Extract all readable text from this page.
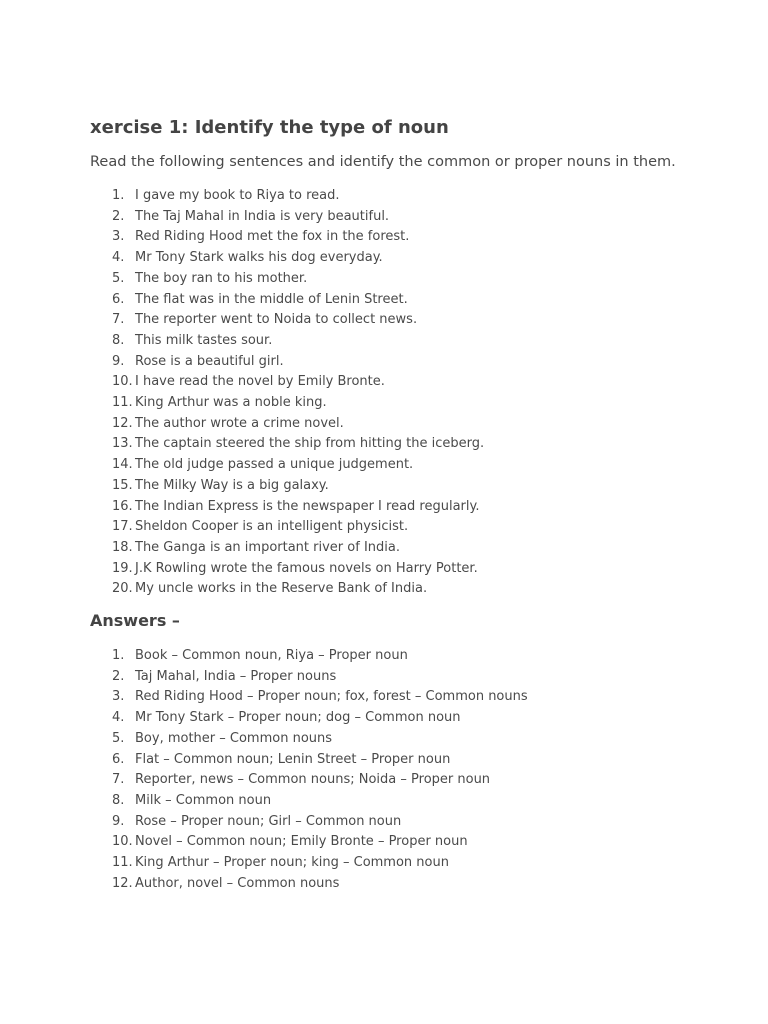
xercise 1: Identify the type of noun

Read the following sentences and identify the common or proper nouns in them.

1. I gave my book to Riya to read.
2. The Taj Mahal in India is very beautiful.
3. Red Riding Hood met the fox in the forest.
4. Mr Tony Stark walks his dog everyday.
5. The boy ran to his mother.
6. The flat was in the middle of Lenin Street.
7. The reporter went to Noida to collect news.
8. This milk tastes sour.
9. Rose is a beautiful girl.
10. I have read the novel by Emily Bronte.
11. King Arthur was a noble king.
12. The author wrote a crime novel.
13. The captain steered the ship from hitting the iceberg.
14. The old judge passed a unique judgement.
15. The Milky Way is a big galaxy.
16. The Indian Express is the newspaper I read regularly.
17. Sheldon Cooper is an intelligent physicist.
18. The Ganga is an important river of India.
19. J.K Rowling wrote the famous novels on Harry Potter.
20. My uncle works in the Reserve Bank of India.
Answers –
1. Book – Common noun, Riya – Proper noun
2. Taj Mahal, India – Proper nouns
3. Red Riding Hood – Proper noun; fox, forest – Common nouns
4. Mr Tony Stark – Proper noun; dog – Common noun
5. Boy, mother – Common nouns
6. Flat – Common noun; Lenin Street – Proper noun
7. Reporter, news – Common nouns; Noida – Proper noun
8. Milk – Common noun
9. Rose – Proper noun; Girl – Common noun
10. Novel – Common noun; Emily Bronte – Proper noun
11. King Arthur – Proper noun; king – Common noun
12. Author, novel – Common nouns
